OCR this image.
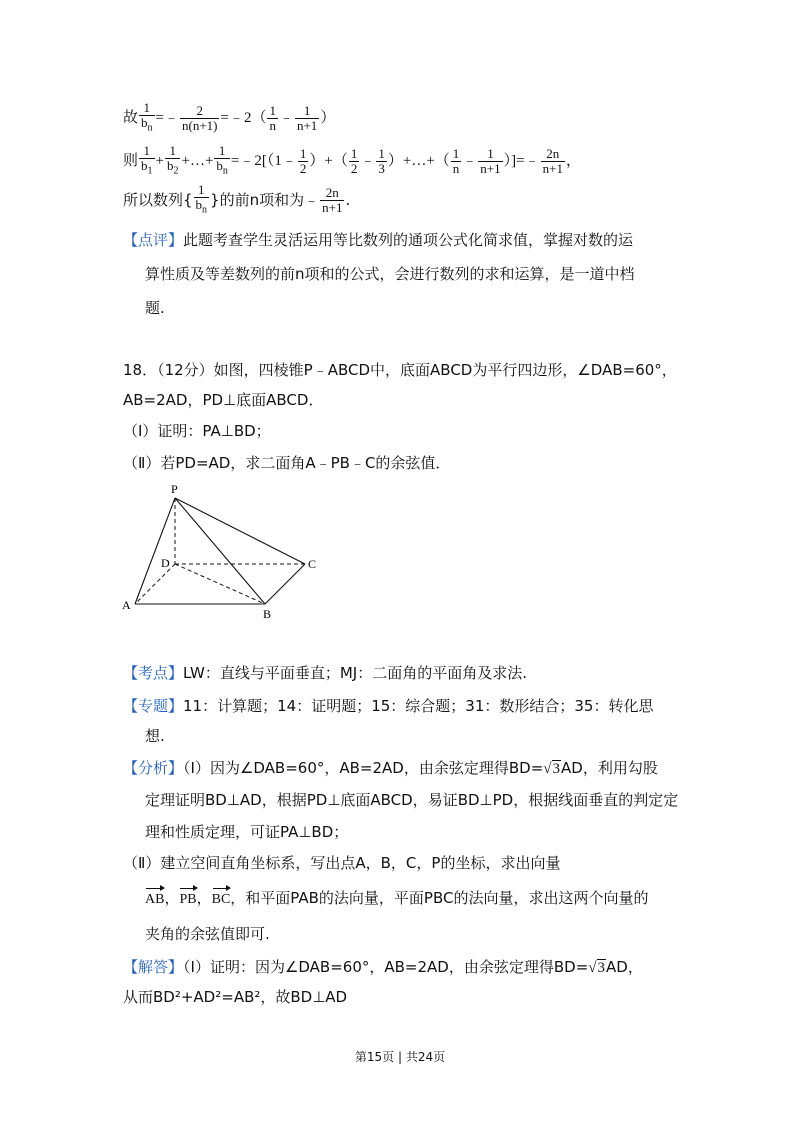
故 $\frac{1}{b_n}$ =﹣ $\frac{2}{n(n+1)}$ =﹣2（ $\frac{1}{n}$ ﹣ $\frac{1}{n+1}$ ）
则 $\frac{1}{b_1} + \frac{1}{b_2}$ +…+ $\frac{1}{b_n}$ =﹣2[（1﹣ $\frac{1}{2}$ ）+（ $\frac{1}{2}$ ﹣ $\frac{1}{3}$ ）+…+（ $\frac{1}{n}$ ﹣ $\frac{1}{n+1}$ ）]=﹣ $\frac{2n}{n+1}$ ，
所以数列{ $\frac{1}{b_n}$ }的前n项和为﹣ $\frac{2n}{n+1}$ .
【点评】此题考查学生灵活运用等比数列的通项公式化简求值，掌握对数的运
算性质及等差数列的前n项和的公式，会进行数列的求和运算，是一道中档
题.
18．（12分）如图，四棱锥P﹣ABCD中，底面ABCD为平行四边形，∠DAB=60°，
AB=2AD，PD⊥底面ABCD．
（Ⅰ）证明：PA⊥BD；
（Ⅱ）若PD=AD，求二面角A﹣PB﹣C的余弦值．
P
D	C
A
B
【考点】LW：直线与平面垂直；MJ：二面角的平面角及求法.
【专题】11：计算题；14：证明题；15：综合题；31：数形结合；35：转化思
想.
【分析】（Ⅰ）因为∠DAB=60°，AB=2AD，由余弦定理得BD=√3AD，利用勾股
定理证明BD⊥AD，根据PD⊥底面ABCD，易证BD⊥PD，根据线面垂直的判定定
理和性质定理，可证PA⊥BD；
（Ⅱ）建立空间直角坐标系，写出点A，B，C，P的坐标，求出向量
AB，PB，BC，和平面PAB的法向量，平面PBC的法向量，求出这两个向量的
夹角的余弦值即可.
【解答】（Ⅰ）证明：因为∠DAB=60°，AB=2AD，由余弦定理得BD=√3AD，
从而BD²+AD²=AB²，故BD⊥AD
第15页 | 共24页
